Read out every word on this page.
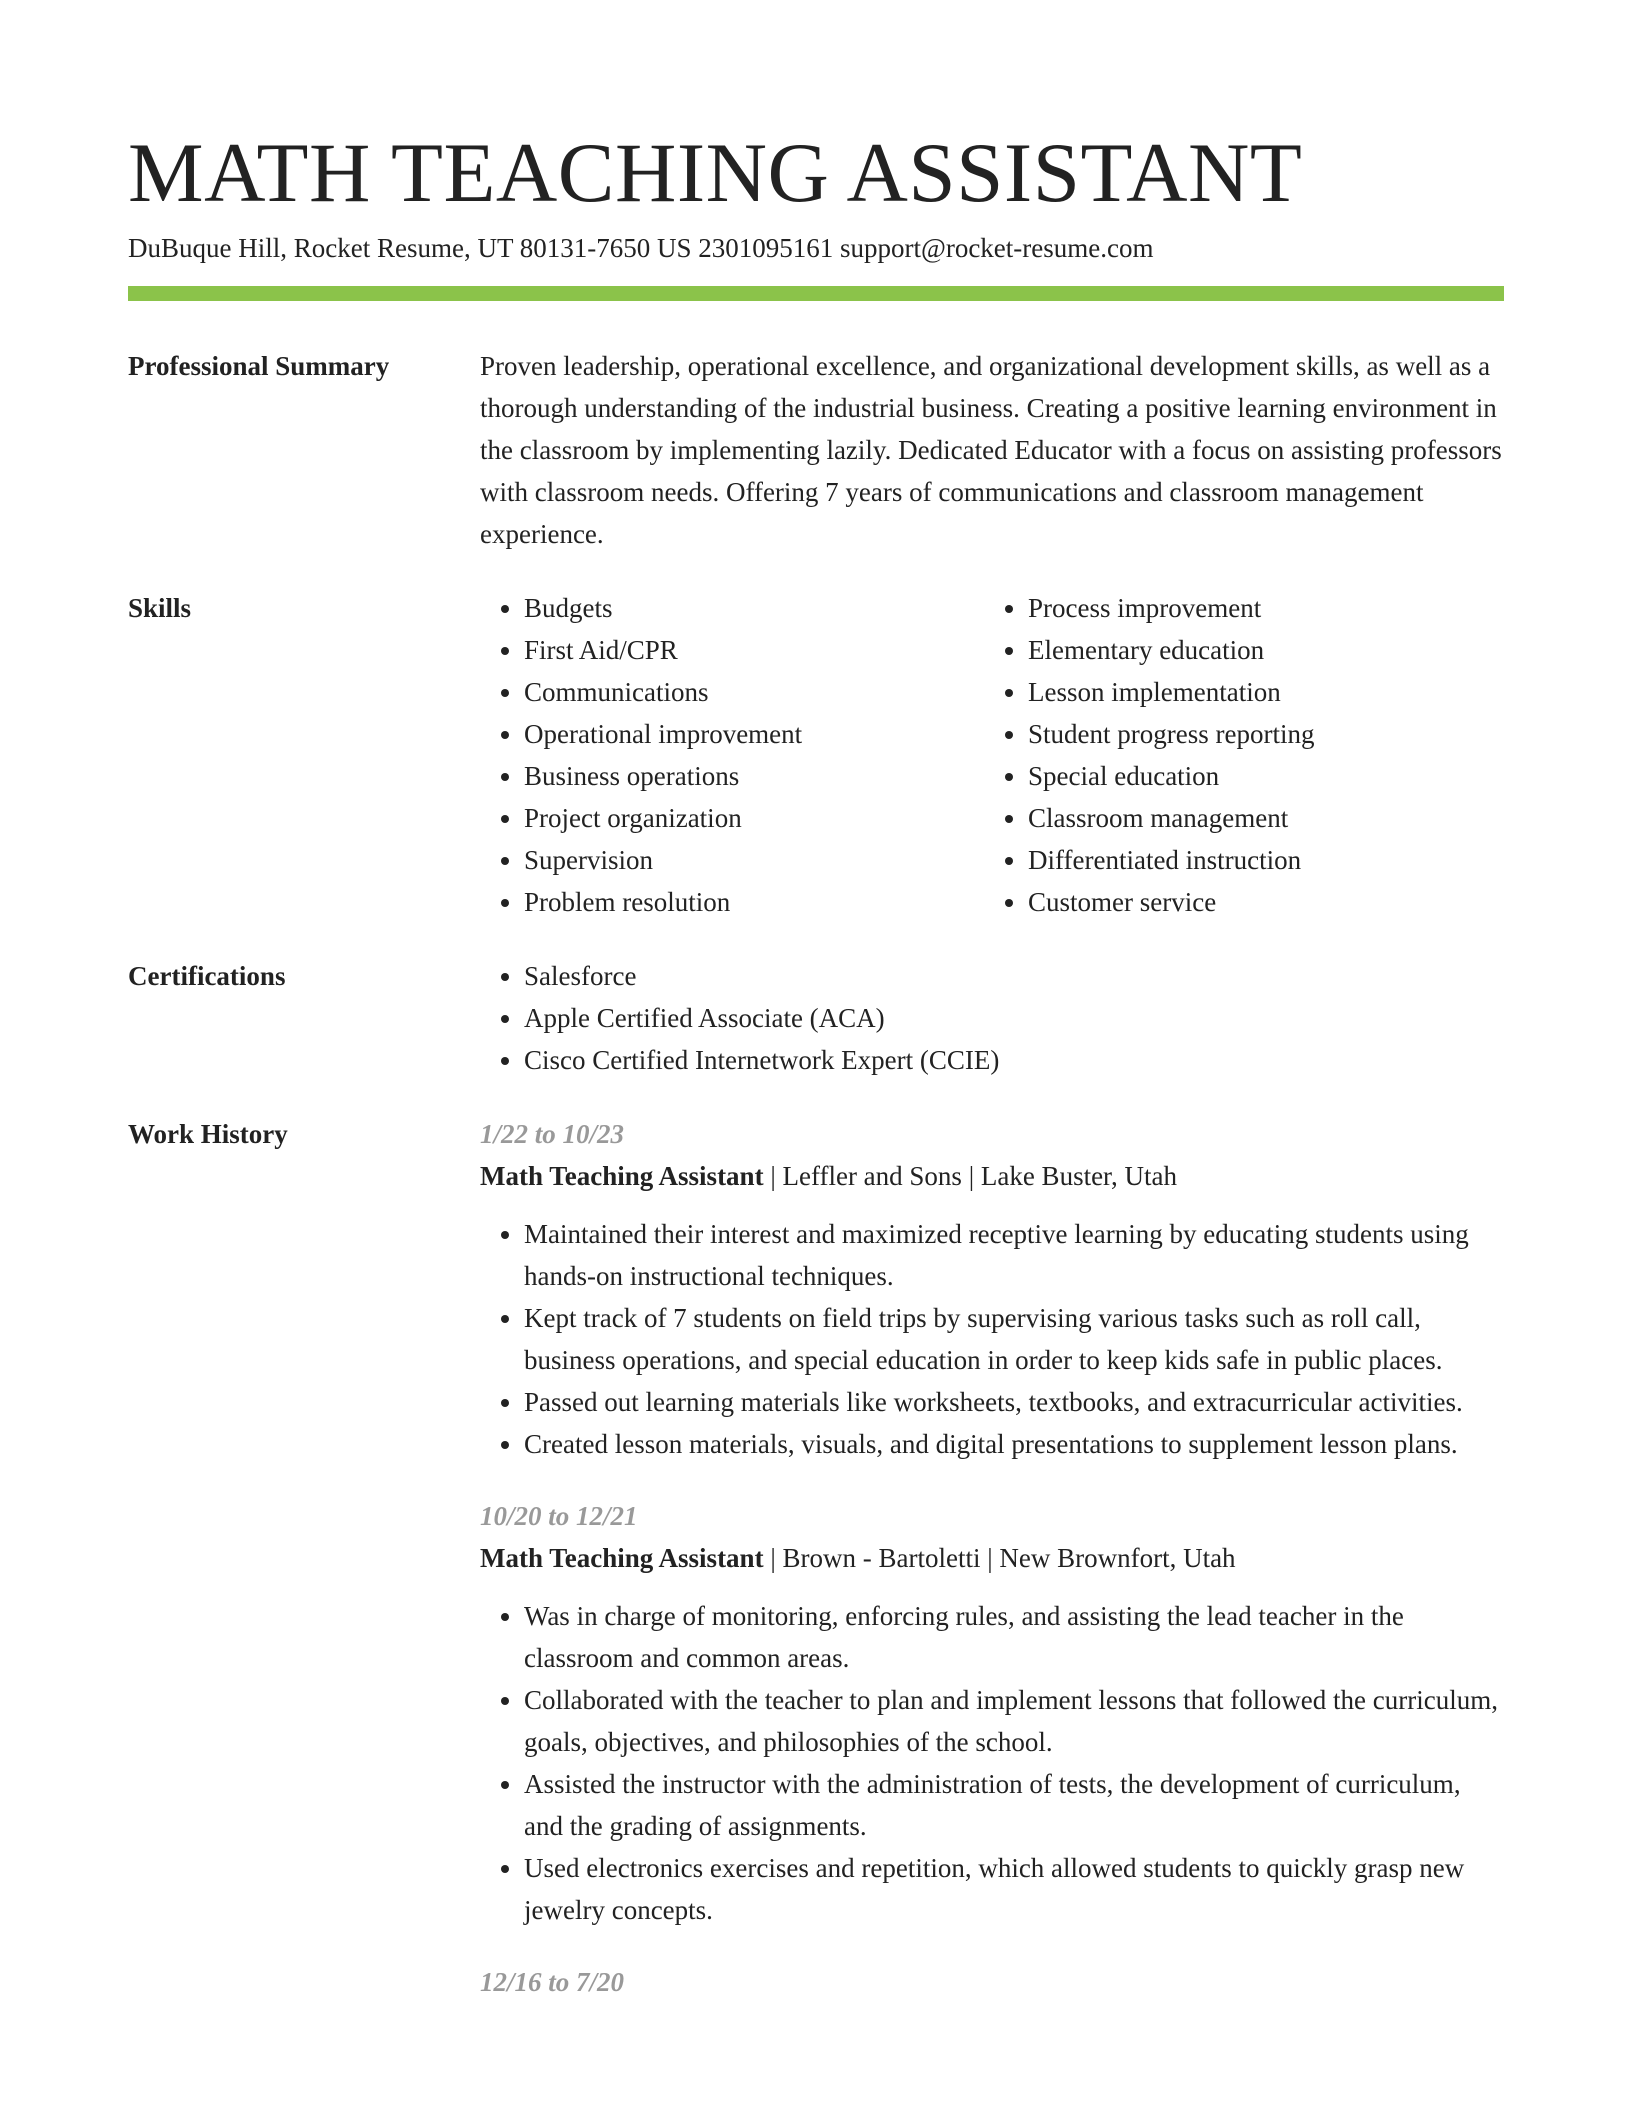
MATH TEACHING ASSISTANT
DuBuque Hill, Rocket Resume, UT 80131-7650 US 2301095161 support@rocket-resume.com
Professional Summary	Proven leadership, operational excellence, and organizational development skills, as well as a thorough understanding of the industrial business. Creating a positive learning environment in the classroom by implementing lazily. Dedicated Educator with a focus on assisting professors with classroom needs. Offering 7 years of communications and classroom management experience.

Skills	• Budgets
• First Aid/CPR
• Communications
• Operational improvement
• Business operations
• Project organization
• Supervision
• Problem resolution
• Process improvement
• Elementary education
• Lesson implementation
• Student progress reporting
• Special education
• Classroom management
• Differentiated instruction
• Customer service
Certifications	• Salesforce
• Apple Certified Associate (ACA)
• Cisco Certified Internetwork Expert (CCIE)
Work History	1/22 to 10/23
Math Teaching Assistant | Leffler and Sons | Lake Buster, Utah
• Maintained their interest and maximized receptive learning by educating students using hands-on instructional techniques.
• Kept track of 7 students on field trips by supervising various tasks such as roll call, business operations, and special education in order to keep kids safe in public places.
• Passed out learning materials like worksheets, textbooks, and extracurricular activities.
• Created lesson materials, visuals, and digital presentations to supplement lesson plans.
10/20 to 12/21
Math Teaching Assistant | Brown - Bartoletti | New Brownfort, Utah
• Was in charge of monitoring, enforcing rules, and assisting the lead teacher in the classroom and common areas.
• Collaborated with the teacher to plan and implement lessons that followed the curriculum, goals, objectives, and philosophies of the school.
• Assisted the instructor with the administration of tests, the development of curriculum, and the grading of assignments.
• Used electronics exercises and repetition, which allowed students to quickly grasp new jewelry concepts.
12/16 to 7/20
